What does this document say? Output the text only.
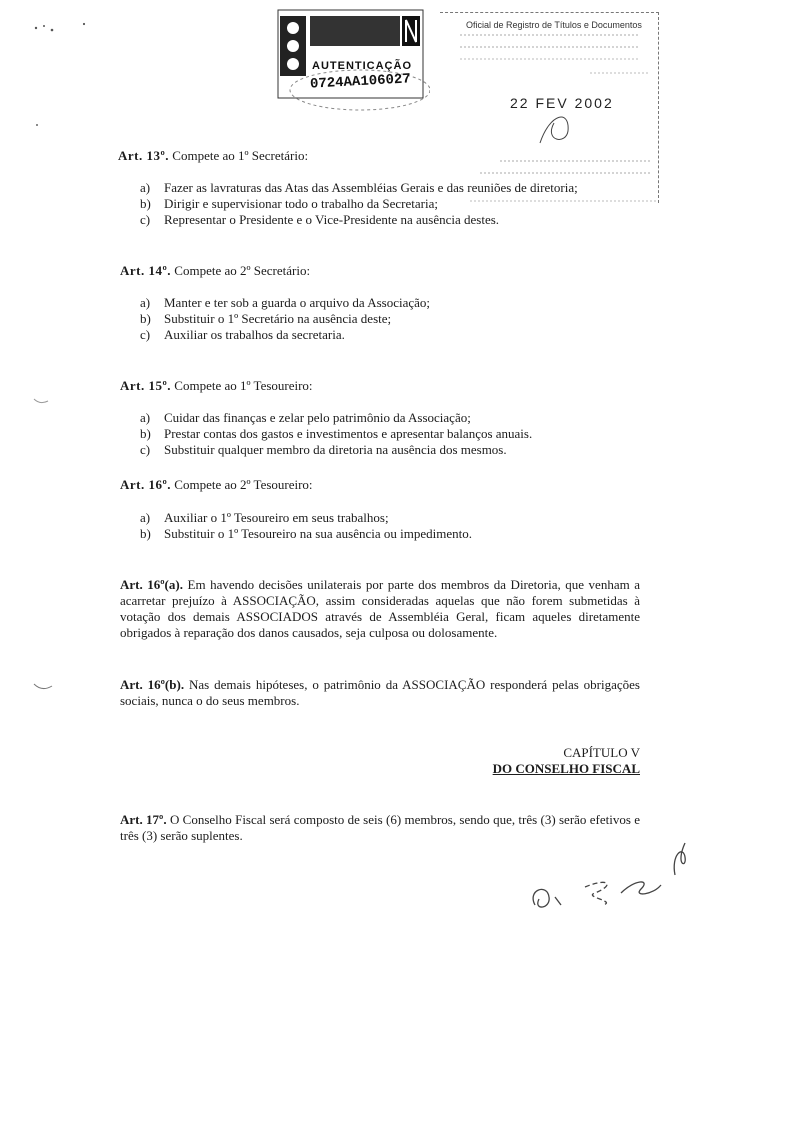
AUTENTICAÇÃO
0724AA106027
Oficial de Registro de Títulos e Documentos
22 FEV 2002
Art. 13º. Compete ao 1º Secretário:
a) Fazer as lavraturas das Atas das Assembléias Gerais e das reuniões de diretoria;
b) Dirigir e supervisionar todo o trabalho da Secretaria;
c) Representar o Presidente e o Vice-Presidente na ausência destes.
Art. 14º. Compete ao 2º Secretário:
a) Manter e ter sob a guarda o arquivo da Associação;
b) Substituir o 1º Secretário na ausência deste;
c) Auxiliar os trabalhos da secretaria.
Art. 15º. Compete ao 1º Tesoureiro:
a) Cuidar das finanças e zelar pelo patrimônio da Associação;
b) Prestar contas dos gastos e investimentos e apresentar balanços anuais.
c) Substituir qualquer membro da diretoria na ausência dos mesmos.
Art. 16º. Compete ao 2º Tesoureiro:
a) Auxiliar o 1º Tesoureiro em seus trabalhos;
b) Substituir o 1º Tesoureiro na sua ausência ou impedimento.

Art. 16º(a). Em havendo decisões unilaterais por parte dos membros da Diretoria, que venham a acarretar prejuízo à ASSOCIAÇÃO, assim consideradas aquelas que não forem submetidas à votação dos demais ASSOCIADOS através de Assembléia Geral, ficam aqueles diretamente obrigados à reparação dos danos causados, seja culposa ou dolosamente.

Art. 16º(b). Nas demais hipóteses, o patrimônio da ASSOCIAÇÃO responderá pelas obrigações sociais, nunca o do seus membros.

CAPÍTULO V
DO CONSELHO FISCAL

Art. 17º. O Conselho Fiscal será composto de seis (6) membros, sendo que, três (3) serão efetivos e três (3) serão suplentes.
